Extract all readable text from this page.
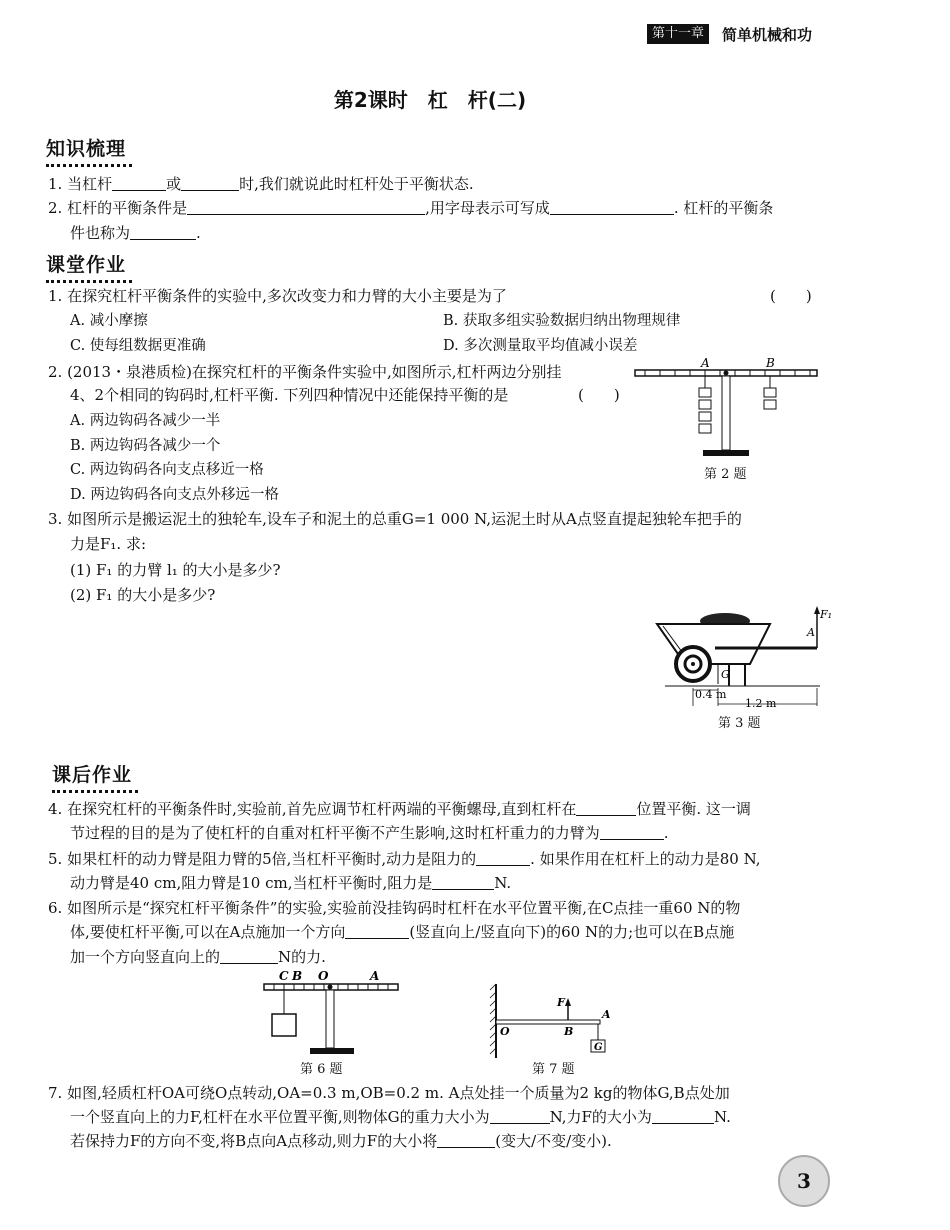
第十一章	简单机械和功
第2课时　杠　杆(二)
知识梳理
1. 当杠杆	或	时,我们就说此时杠杆处于平衡状态.
2. 杠杆的平衡条件是	,用字母表示可写成	. 杠杆的平衡条
件也称为	.
课堂作业
1. 在探究杠杆平衡条件的实验中,多次改变力和力臂的大小主要是为了	(　　)
A. 减小摩擦	B. 获取多组实验数据归纳出物理规律
C. 使每组数据更准确	D. 多次测量取平均值减小误差
2. (2013・泉港质检)在探究杠杆的平衡条件实验中,如图所示,杠杆两边分别挂
4、2个相同的钩码时,杠杆平衡. 下列四种情况中还能保持平衡的是	(　　)
A. 两边钩码各减少一半
B. 两边钩码各减少一个
C. 两边钩码各向支点移近一格
D. 两边钩码各向支点外移远一格
A	B
第 2 题
3. 如图所示是搬运泥土的独轮车,设车子和泥土的总重G=1 000 N,运泥土时从A点竖直提起独轮车把手的
力是F₁. 求:
(1) F₁ 的力臂 l₁ 的大小是多少?
(2) F₁ 的大小是多少?
G
F₁
A
0.4 m
1.2 m
第 3 题
课后作业
4. 在探究杠杆的平衡条件时,实验前,首先应调节杠杆两端的平衡螺母,直到杠杆在	位置平衡. 这一调
节过程的目的是为了使杠杆的自重对杠杆平衡不产生影响,这时杠杆重力的力臂为	.
5. 如果杠杆的动力臂是阻力臂的5倍,当杠杆平衡时,动力是阻力的	. 如果作用在杠杆上的动力是80 N,
动力臂是40 cm,阻力臂是10 cm,当杠杆平衡时,阻力是	N.
6. 如图所示是“探究杠杆平衡条件”的实验,实验前没挂钩码时杠杆在水平位置平衡,在C点挂一重60 N的物
体,要使杠杆平衡,可以在A点施加一个方向	(竖直向上/竖直向下)的60 N的力;也可以在B点施
加一个方向竖直向上的	N的力.
C B O	A
第 6 题
F
O	B
A
G
第 7 题
7. 如图,轻质杠杆OA可绕O点转动,OA=0.3 m,OB=0.2 m. A点处挂一个质量为2 kg的物体G,B点处加
一个竖直向上的力F,杠杆在水平位置平衡,则物体G的重力大小为	N,力F的大小为	N.
若保持力F的方向不变,将B点向A点移动,则力F的大小将	(变大/不变/变小).
3
